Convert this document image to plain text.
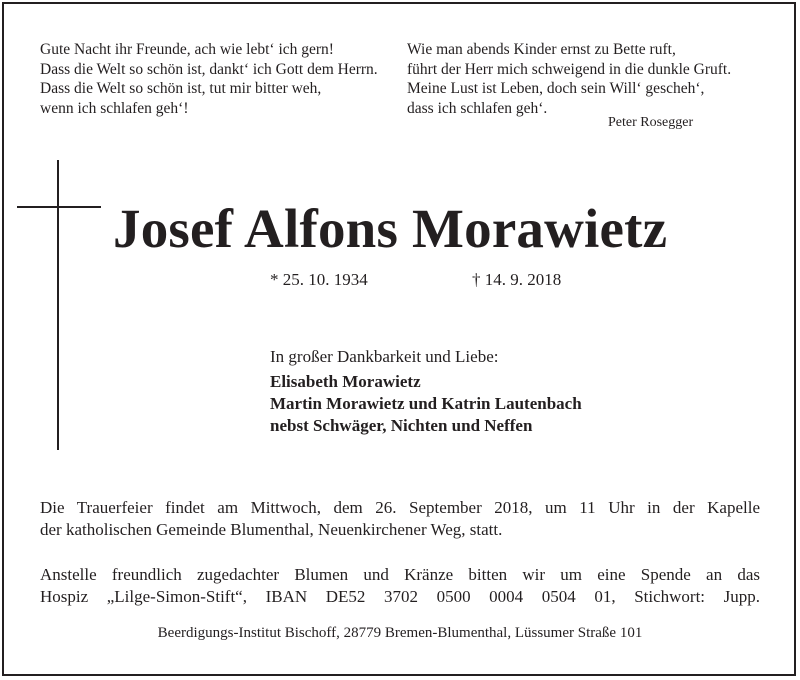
Gute Nacht ihr Freunde, ach wie lebt‘ ich gern!
Dass die Welt so schön ist, dankt‘ ich Gott dem Herrn.
Dass die Welt so schön ist, tut mir bitter weh,
wenn ich schlafen geh‘!
Wie man abends Kinder ernst zu Bette ruft,
führt der Herr mich schweigend in die dunkle Gruft.
Meine Lust ist Leben, doch sein Will‘ gescheh‘,
dass ich schlafen geh‘.
Peter Rosegger
Josef Alfons Morawietz
* 25. 10. 1934	† 14. 9. 2018
In großer Dankbarkeit und Liebe:
Elisabeth Morawietz
Martin Morawietz und Katrin Lautenbach
nebst Schwäger, Nichten und Neffen
Die Trauerfeier findet am Mittwoch, dem 26. September 2018, um 11 Uhr in der Kapelle
der katholischen Gemeinde Blumenthal, Neuenkirchener Weg, statt.
Anstelle freundlich zugedachter Blumen und Kränze bitten wir um eine Spende an das
Hospiz „Lilge-Simon-Stift“, IBAN DE52 3702 0500 0004 0504 01, Stichwort: Jupp.
Beerdigungs-Institut Bischoff, 28779 Bremen-Blumenthal, Lüssumer Straße 101
